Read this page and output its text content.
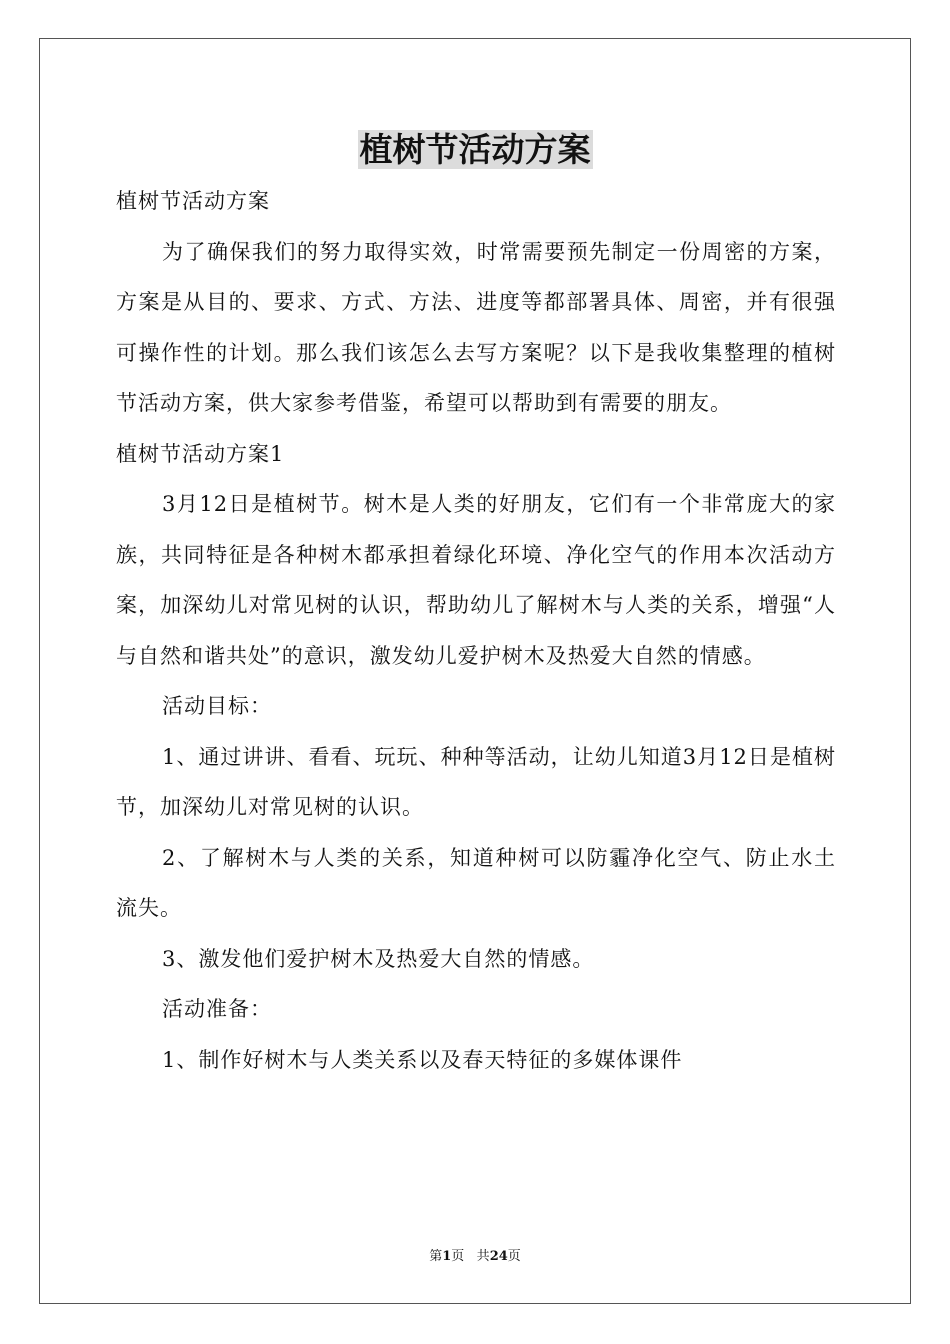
植树节活动方案

植树节活动方案

为了确保我们的努力取得实效，时常需要预先制定一份周密的方案，方案是从目的、要求、方式、方法、进度等都部署具体、周密，并有很强可操作性的计划。那么我们该怎么去写方案呢？以下是我收集整理的植树节活动方案，供大家参考借鉴，希望可以帮助到有需要的朋友。

植树节活动方案1

3月12日是植树节。树木是人类的好朋友，它们有一个非常庞大的家族，共同特征是各种树木都承担着绿化环境、净化空气的作用本次活动方案，加深幼儿对常见树的认识，帮助幼儿了解树木与人类的关系，增强“人与自然和谐共处”的意识，激发幼儿爱护树木及热爱大自然的情感。

活动目标：

1、通过讲讲、看看、玩玩、种种等活动，让幼儿知道3月12日是植树节，加深幼儿对常见树的认识。

2、了解树木与人类的关系，知道种树可以防霾净化空气、防止水土流失。

3、激发他们爱护树木及热爱大自然的情感。

活动准备：

1、制作好树木与人类关系以及春天特征的多媒体课件

第1页 共24页
